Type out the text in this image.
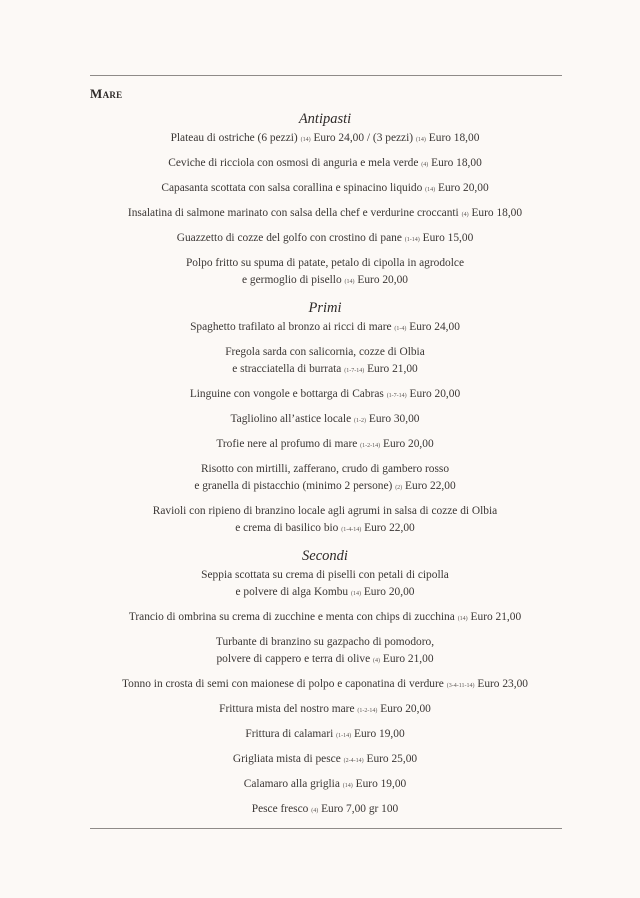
Mare
Antipasti
Plateau di ostriche (6 pezzi) (14) Euro 24,00 / (3 pezzi) (14) Euro 18,00
Ceviche di ricciola con osmosi di anguria e mela verde (4) Euro 18,00
Capasanta scottata con salsa corallina e spinacino liquido (14) Euro 20,00
Insalatina di salmone marinato con salsa della chef e verdurine croccanti (4) Euro 18,00
Guazzetto di cozze del golfo con crostino di pane (1-14) Euro 15,00
Polpo fritto su spuma di patate, petalo di cipolla in agrodolce
e germoglio di pisello (14) Euro 20,00
Primi
Spaghetto trafilato al bronzo ai ricci di mare (1-4) Euro 24,00
Fregola sarda con salicornia, cozze di Olbia
e stracciatella di burrata (1-7-14) Euro 21,00
Linguine con vongole e bottarga di Cabras (1-7-14) Euro 20,00
Tagliolino all’astice locale (1-2) Euro 30,00
Trofie nere al profumo di mare (1-2-14) Euro 20,00
Risotto con mirtilli, zafferano, crudo di gambero rosso
e granella di pistacchio (minimo 2 persone) (2) Euro 22,00
Ravioli con ripieno di branzino locale agli agrumi in salsa di cozze di Olbia
e crema di basilico bio (1-4-14) Euro 22,00
Secondi
Seppia scottata su crema di piselli con petali di cipolla
e polvere di alga Kombu (14) Euro 20,00
Trancio di ombrina su crema di zucchine e menta con chips di zucchina (14) Euro 21,00
Turbante di branzino su gazpacho di pomodoro,
polvere di cappero e terra di olive (4) Euro 21,00
Tonno in crosta di semi con maionese di polpo e caponatina di verdure (3-4-11-14) Euro 23,00
Frittura mista del nostro mare (1-2-14) Euro 20,00
Frittura di calamari (1-14) Euro 19,00
Grigliata mista di pesce (2-4-14) Euro 25,00
Calamaro alla griglia (14) Euro 19,00
Pesce fresco (4) Euro 7,00 gr 100
